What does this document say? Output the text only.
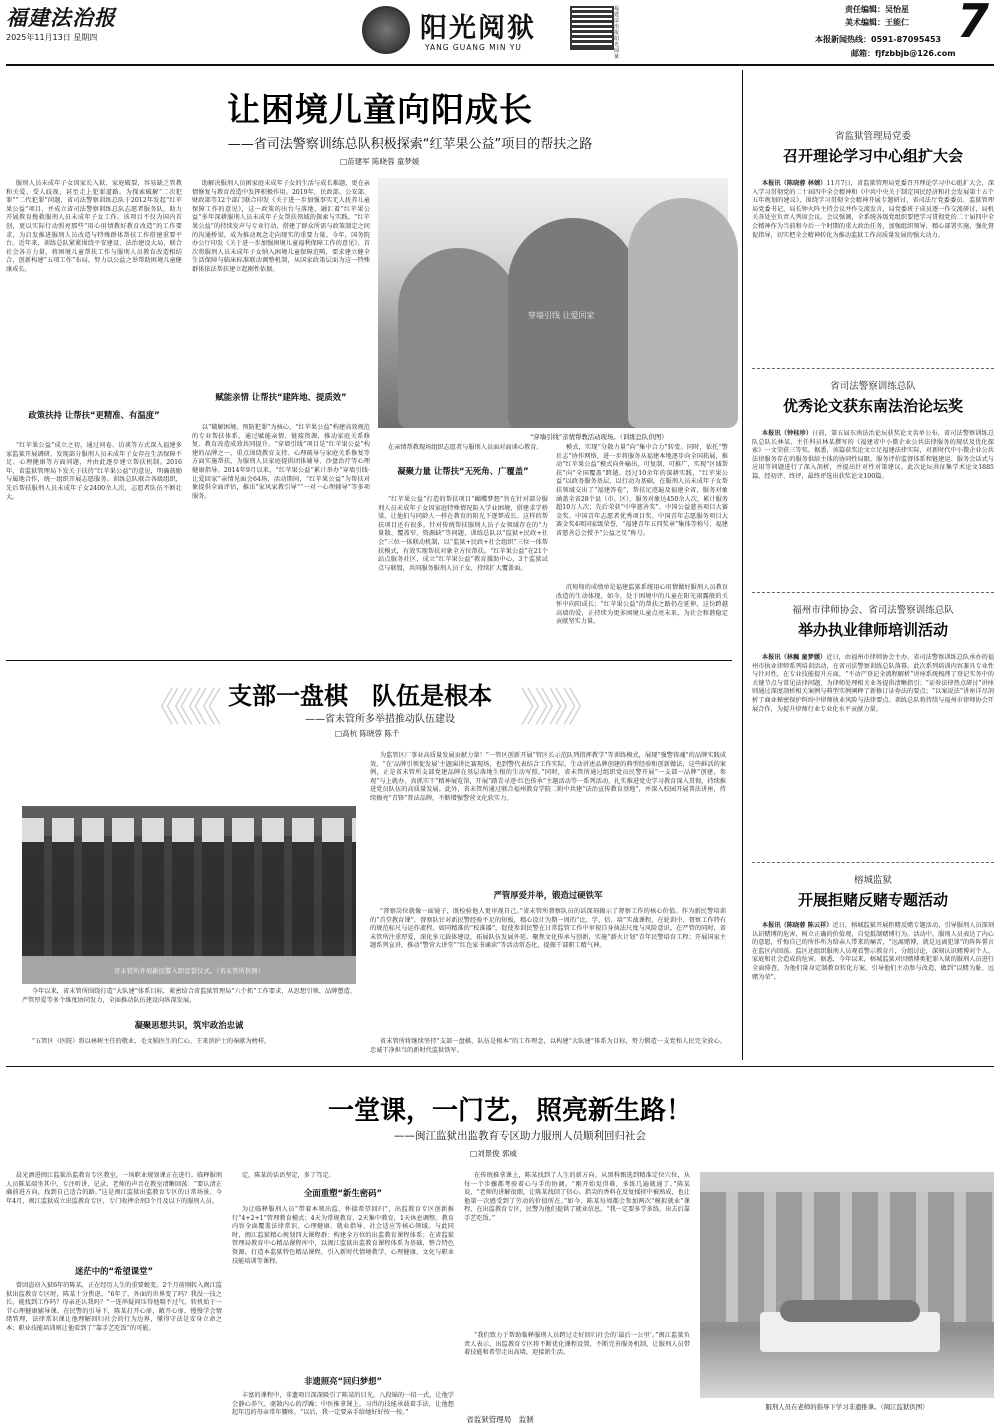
福建法治报
2025年11月13日 星期四	阳光阅狱
YANG GUANG MIN YU
福建法治报阳光阅狱
责任编辑：吴怡星
美术编辑：王能仁
本报新闻热线：0591-87095453
邮箱：fjfzbbjb@126.com
7
让困境儿童向阳成长
——省司法警察训练总队积极探索“红苹果公益”项目的帮扶之路
□苗建军 陈晓蓉 童梦媛

服刑人员未成年子女因家长入狱、家庭破裂，容易缺乏管教和关爱、受人歧视，甚至走上犯罪道路。为探索破解“二次犯罪”“二代犯罪”问题，省司法警察训练总队于2012年发起“红苹果公益”项目，并成立省司法警察训练总队志愿者服务队，助力开展教育挽救服刑人员未成年子女工作。该项目不仅为国内首创，更以实际行动照亮那些“用心用情教好教育改造”的工作要求，为启发推进服刑人员改造与特殊群体帮扶工作搭建重要平台。近年来，训练总队紧紧围绕平安建设、法治建设大局，联合社会各方力量，将困境儿童帮扶工作与服刑人员教育改造相结合，创新构建“五项工作”布局，努力以公益之举帮助困境儿童健康成长。

政策扶持 让帮扶“更精准、有温度”

“红苹果公益”成立之初，通过问卷、访谈等方式深入福建多家监狱开展调研，发现部分服刑人员未成年子女存在生活保障不足、心理健康等方面问题，并由此逐步建立帮扶机制。2016年，省监狱管理局下发关于扶持“红苹果公益”的意见，明确鼓励与属地合作，统一组织开展志愿服务。训练总队联合各级组织，先后帮扶服刑人员未成年子女2400余人次，志愿者队伍不断壮大。

助解决服刑人员困家庭未成年子女的生活与成长难题，更在亲情修复与教育改造中发挥积极作用。2019年，民政部、公安部、财政部等12个部门联合印发《关于进一步加强事实无人抚养儿童保障工作的意见》，这一政策的出台与落地，融汇着“红苹果公益”多年深耕服刑人员未成年子女帮扶领域的探索与实践。“红苹果公益”的持续发声与专业行动，搭建了群众所需与政策制定之间的沟通桥梁，成为推动观念走向现实的重要力量。今年，国务院办公厅印发《关于进一步加强困境儿童福利保障工作的意见》，首次将服刑人员未成年子女纳入困境儿童保障范畴，要求建立健全生活保障与临床标准联动调整机制，从国家政策层面为这一特殊群体依法帮扶建立起刚性依据。

赋能亲情 让帮扶“建阵地、提质效”

以“破解困境、预防犯罪”为核心，“红苹果公益”构建高效规范的专业帮扶体系，通过赋能亲情、链接资源，推动家庭关系修复、教育改造成效共同提升。“穿墙引线”项目是“红苹果公益”构建的品牌之一，重点围绕教育支持、心理疏导与家庭关系修复等方面实施帮扶，为服刑人员家庭提供团体辅导、沙盘治疗等心理健康指导。2014年9月以来，“红苹果公益”累计举办“穿墙引线·让爱回家”亲情见面会64场，活动期间，“红苹果公益”为帮扶对象提供全面评估，推出“家风家教引导”“一对一心理辅导”等多项服务。

穿墙引线 让爱回家
“穿墙引线”亲情帮教活动现场。（训练总队供图）

在亲情帮教现场组织志愿者与服刑人员面对面谈心教育。

凝聚力量 让帮扶“无死角、广覆盖”

“红苹果公益”打造的帮扶项目“蝴蝶梦想”旨在针对部分服刑人员未成年子女因家庭特殊情况陷入学业困境，搭建求学桥梁，让他们与同龄人一样在教育的阳光下逐梦成长。这样的帮扶项目还有很多。针对传统帮扶服刑人员子女领域存在的“力量散、覆盖窄、资源缺”等问题，训练总队以“监狱+民政+社会”三位一体联动机制，以“监狱+民政+社会组织”三位一体帮扶模式，有效实现帮扶对象全方位帮扶。“红苹果公益”在21个站点服务社区，成立“红苹果公益”教育援助中心，3个监狱试点与联盟，共同服务服刑人员子女，持续扩大覆盖面。

模式，实现“分散力量”向“集中合力”转变。同时，依托“警社志”协作网络，进一步将服务从福建本地逐步向全国拓展，推动“红苹果公益”模式向外输出，可复制、可推广，实现“区域帮扶”向“全国覆盖”跨越。经过10余年的深耕实践，“红苹果公益”以政务服务基层、以行动为基础，在服刑人员未成年子女帮扶领域交出了“福建答卷”，帮扶足迹遍及福建全省，服务对象涵盖全省28个县（市、区），服务对象达450余人次，累计服务超10万人次；先后荣获“中华慈善奖”、中国公益慈善项目大赛金奖、中国青年志愿者优秀项目奖、中国青年志愿服务项目大赛金奖4项国家级荣誉，“福建青年五四奖章”集体等称号，福建省慈善总会授予“公益之星”称号。

沉甸甸的成绩单是福建监狱系统用心用情做好服刑人员教育改造的生动体现，如今，处于困境中的儿童在阳光雨露般的关怀中向阳成长；“红苹果公益”的帮扶之路仍在延伸，这份跨越高墙的爱，正持续为更多困境儿童点亮未来，为社会和谐稳定贡献坚实力量。

《《《《	》》》》
支部一盘棋　队伍是根本
——省未管所多举措推动队伍建设
□高杭 陈晓蓉 陈千
省未管所开展新民警入职宣誓仪式。（省未管所供图）

今年以来，省未管所围绕打造“大队建”体系目标，紧密结合省监狱管理局“六个抓”工作要求，从思想引领、品牌塑造、严管厚爱等多个维度协同发力，全面推动队伍建设向纵深发展。

凝聚思想共识，筑牢政治忠诚

“五管区（医院）将以林树主任的敬业、毛文韬医生的仁心、王来滨护士的奉献为榜样，

为监管区厂事业高质量发展贡献力量！”一管区创新开展“管区长示范队列指挥教学”等训练模式，展现“强警铸魂”的品牌实践成效。“在‘品牌引领促发展’主题演讲比赛现场，也到警代表结合工作实际，生动讲述品牌创建的典型经验和创新做法，这些鲜活的案例，正是省未管所支部党建品牌在基层落地生根的生动写照。”同时，省未管所通过组织党员民警开展“一支部一品牌”创建，参观“与上就办、真抓实干”精神展览馆，开展“踏青寻迹·红色传承”主题活动等一系列活动，扎实推进党史学习教育深入贯彻，持续推进党员队伍的高质量发展。此外，省未管所通过联合福州教育学院二附中共建“法治宣传教育基地”，并深入校园开展普法讲座，持续擦亮“青锋”普法品牌，不断增强警营文化软实力。

严管厚爱并举，锻造过硬铁军

“督察岗位就像一面镜子，既检验他人更审视自己。”省未管所督察队员的话深刻揭示了督察工作的核心价值。作为新民警培训的“首堂教育课”，督察队针对新民警经验不足的短板，精心设计为期一周的“比、学、倍、培”实战课程，在轮训中，督察工作特有的规范标尺与运作流程，如同精准的“校准器”，促使参训民警在日常监管工作中审视自身执法尺度与风险意识。在严管的同时，省未管所注重厚爱，深化多元载体建设，拓展队伍发展外延。聚焦文化传承与创新，实施“薪火计划”青年民警培育工程；开展国家主题系列宣讲，推动“警营大讲堂”“红色家书诵读”等活动常态化，提振干部职工精气神。

省未管所将继续坚持“支部一盘棋，队伍是根本”的工作理念，以构建“大队建”体系为目标，努力锻造一支党和人民完全放心、忠诚干净担当的新时代监狱铁军。

一堂课，一门艺，照亮新生路！
——闽江监狱出监教育专区助力服刑人员顺利回归社会
□刘景俊 郭威

晨光洒进闽江监狱出监教育专区教室，一场职业规划课正在进行。临释服刑人员陈某端坐其中，专注听讲、记录，老师的声音在教室清晰回荡：“要认清正确前进方向，找到自己适合的路。”这是闽江监狱出监教育专区的日常场景。今年4月，闽江监狱成立出监教育专区，专门收押余刑3个月及以下的服刑人员。

迷茫中的“希望课堂”

曾因盗窃入狱6年的陈某，正在经历人生的重要蜕变。2个月前刚转入闽江监狱出监教育专区时，陈某十分焦虑，“6年了，外面的世界变了吗？我没一技之长，能找到工作吗？母亲还认我吗？”一连串疑问压得他喘不过气。转机始于一节心理健康辅导课。在民警的引导下，陈某打开心扉、敞开心扉，慢慢学会情绪管理，法律常识课让他理解回归社会的行为边界，懂得守法是安身立命之本；职业技能培训则让他看到了“靠手艺吃饭”的可能。

定，陈某的话语坚定，多了笃定。

全面重塑“新生密码”

为让临释服刑人员“带着本领出监、怀揣希望回归”，出监教育专区创新推行“4+2+1”管理教育模式；4天为常规教育、2天集中教育，1天休息调整。教育内容全面覆盖法律常识、心理健康、就业指导、社会适应等核心领域。与此同时，闽江监狱精心规划四大课程群：构建全方位的出监教育课程体系；在省监狱管理局教育中心精品课程库中，以闽江监狱出监教育课程体系为基础，整合特色资源，打造本监狱特色精品课程，引入新时代情境教学、心理健康、文化与职业技能培训等课程。

非遗照亮“回归梦想”

丰富的课程中，非遗项目深深吸引了陈某的目光。八段锦的一招一式，让他学会静心养气、驱散内心的浮躁；中医推拿课上，习得的技能承载着手法，让他想起年迈的母亲常年腰疼，“以后，我一定要亲手给她好好按一按。”

在传统推拿课上，陈某找到了人生的新方向。从黑科甄选到精准定位穴位，从每一个步骤都考验着心与手的协调。“刚开始觉得难，多练几遍就通了。”陈某说，“老师的讲解很细，让陈某找回了信心。指尖的香料在反复揉搓中被熟成，也让他第一次感受到了劳动的价值所在。”如今，陈某每周都会参加两次“模拟就业”课程，在出监教育专区，民警为他们提供了就业信息。“我一定要多学多练，出去后靠手艺吃饭。”

“我们致力于帮助临释服刑人员跨过走好回归社会的‘最后一公里’。”闽江监狱负责人表示，出监教育专区将不断优化课程设置，不断完善服务机制，让服刑人员带着技能和希望走出高墙，迎接新生活。

服刑人员在老师的指导下学习非遗推拿。（闽江监狱供图）
省监狱管理局党委
召开理论学习中心组扩大会

本报讯（陈晓蓉 林婧）11月7日，省监狱管理局党委召开理论学习中心组扩大会，深入学习贯彻党的二十届四中全会精神和《中共中央关于制定国民经济和社会发展第十五个五年规划的建议》，围绕学习贯彻全会精神开展专题研讨，省司法厅党委委员、监狱管理局党委书记、局长钟火阵主持会议并作交流发言，局党委班子成员逐一作交流研讨，局机关各处室负责人列席会议。会议强调，全系统各级党组织要把学习贯彻党的二十届四中全会精神作为当前和今后一个时期的重大政治任务，加强组织领导，精心部署实施，强化督促指导，切实把全会精神转化为推动监狱工作高质量发展的强大动力。

省司法警察训练总队
优秀论文获东南法治论坛奖

本报讯（钟桂珍）日前，第五届东南法治论坛获奖论文名单公布，省司法警察训练总队总队长林某、主任科员林某撰写的《福建省中小微企业公共法律服务的现状及优化探索》一文荣获三等奖。据悉，该篇获奖论文立足福建法律实际，对新时代中小微企业公共法律服务存在的服务供给主体的协同性局限、服务评价监督体系和链建运、服务会话式与应用等问题进行了深入剖析，并提出针对性对策建议。此次论坛共征集学术论文1885篇，经初评、终评，最终评选出获奖论文100篇。

福州市律师协会、省司法警察训练总队
举办执业律师培训活动

本报讯（林巍 童梦媛）近日，由福州市律师协会主办、省司法警察训练总队承办的福州市执业律师系列培训活动，在省司法警察训练总队落幕。此次系列培训内容兼具专业性与针对性，在专业技能提升方面，“不动产登记全流程解析”讲座系统梳理了登记实务中的关键节点与常见法律问题，为律师处理相关业务提供清晰指引；“证券法律热点研讨”讲座则通过深度剖析相关案例与典型实例阐释了新修订证券法的要点；“以案说法”讲座详尽剖析了商业秘密保护纠纷中律师执业风险与法律要点。训练总队将持续与福州市律师协会开展合作，为提升律师行业专业化水平贡献力量。

榕城监狱
开展拒赌反赌专题活动

本报讯（陈晓蓉 陈云祥）近日，榕城监狱开展拒赌反赌专题活动，引导服刑人员深刻认识赌博的危害，树立正确的价值观，自觉抵制赌博行为。活动中，服刑人员表达了内心的意愿，忏悔自己的所作所为给亲人带来的痛苦，“远离赌博，就是远离犯罪”的阵阵誓言在监区内回荡。监区还组织服刑人员观看警示教育片，分组讨论，深刻认识赌博对个人、家庭和社会造成的危害。据悉，今年以来，榕城监狱对因赌博类犯罪入狱的服刑人员进行全面排查，为他们量身定制教育转化方案，引导他们主动参与改造，做到“以赌为耻、远赌为荣”。

省监狱管理局　监制
